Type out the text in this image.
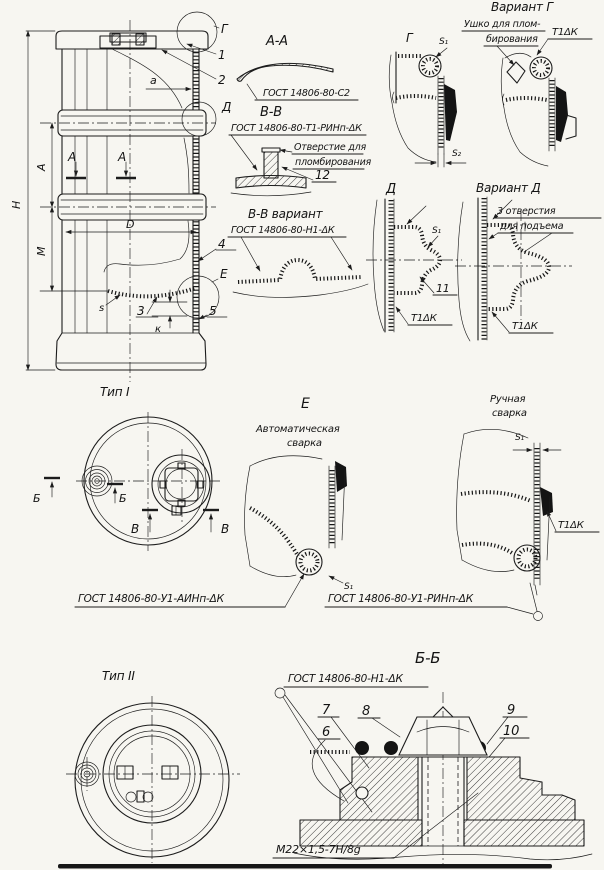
Н
А
М
D
а
А	А
Г
1
2
Д
4
Е
5
3
s
к
А-А
ГОСТ 14806-80-С2
В-В
ГОСТ 14806-80-Т1-РИНп-ΔК
Отверстие для
пломбирования
12
В-В вариант
ГОСТ 14806-80-Н1-ΔК
Г	S₁
S₂
Вариант Г
Ушко для плом-
бирования
Т1ΔК
Д
S₁
11
Т1ΔК
Вариант Д
3 отверстия
для подъема
Т1ΔК
Тип I
Б	Б
В	В
Е
Автоматическая
сварка
S₁
ГОСТ 14806-80-У1-АИНп-ΔК
Ручная
сварка
S₁
Т1ΔК
ГОСТ 14806-80-У1-РИНп-ΔК
Тип II
Б-Б
ГОСТ 14806-80-Н1-ΔК
7 8
6
9
10
М22×1,5-7Н/8g
